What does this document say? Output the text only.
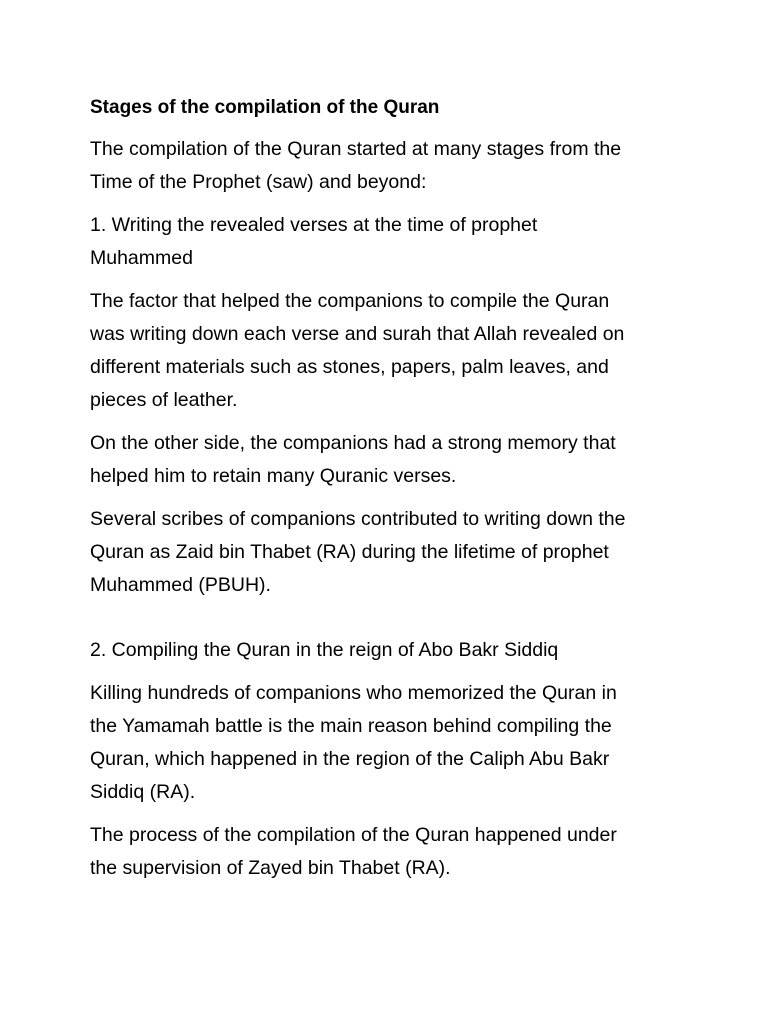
Stages of the compilation of the Quran
The compilation of the Quran started at many stages from the
Time of the Prophet (saw) and beyond:
1. Writing the revealed verses at the time of prophet
Muhammed
The factor that helped the companions to compile the Quran
was writing down each verse and surah that Allah revealed on
different materials such as stones, papers, palm leaves, and
pieces of leather.
On the other side, the companions had a strong memory that
helped him to retain many Quranic verses.
Several scribes of companions contributed to writing down the
Quran as Zaid bin Thabet (RA) during the lifetime of prophet
Muhammed (PBUH).
2. Compiling the Quran in the reign of Abo Bakr Siddiq
Killing hundreds of companions who memorized the Quran in
the Yamamah battle is the main reason behind compiling the
Quran, which happened in the region of the Caliph Abu Bakr
Siddiq (RA).
The process of the compilation of the Quran happened under
the supervision of Zayed bin Thabet (RA).
